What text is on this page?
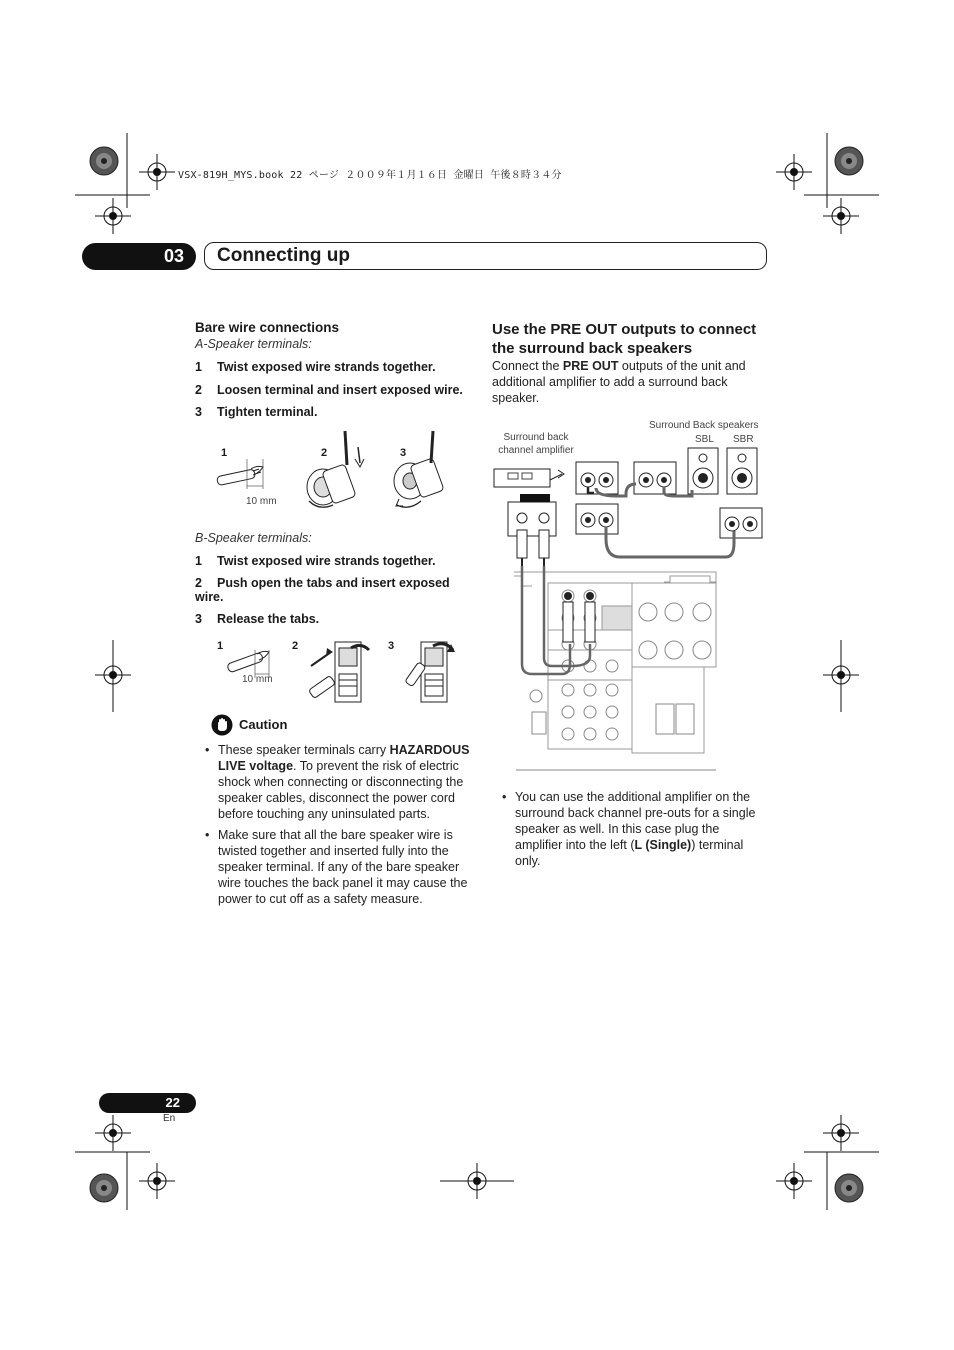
VSX-819H_MYS.book 22 ページ ２００９年１月１６日 金曜日 午後８時３４分
03	Connecting up
Bare wire connections
A-Speaker terminals:

1 Twist exposed wire strands together.

2 Loosen terminal and insert exposed wire.

3 Tighten terminal.

1	2	3
10 mm
B-Speaker terminals:

1 Twist exposed wire strands together.

2 Push open the tabs and insert exposed wire.

3 Release the tabs.

1	2	3
10 mm
Caution
• These speaker terminals carry HAZARDOUS LIVE voltage. To prevent the risk of electric shock when connecting or disconnecting the speaker cables, disconnect the power cord before touching any uninsulated parts.
• Make sure that all the bare speaker wire is twisted together and inserted fully into the speaker terminal. If any of the bare speaker wire touches the back panel it may cause the power to cut off as a safety measure.
Use the PRE OUT outputs to connect the surround back speakers

Connect the PRE OUT outputs of the unit and additional amplifier to add a surround back speaker.

Surround back channel amplifier
Surround Back speakers
SBL SBR
• You can use the additional amplifier on the surround back channel pre-outs for a single speaker as well. In this case plug the amplifier into the left (L (Single)) terminal only.
22
En
